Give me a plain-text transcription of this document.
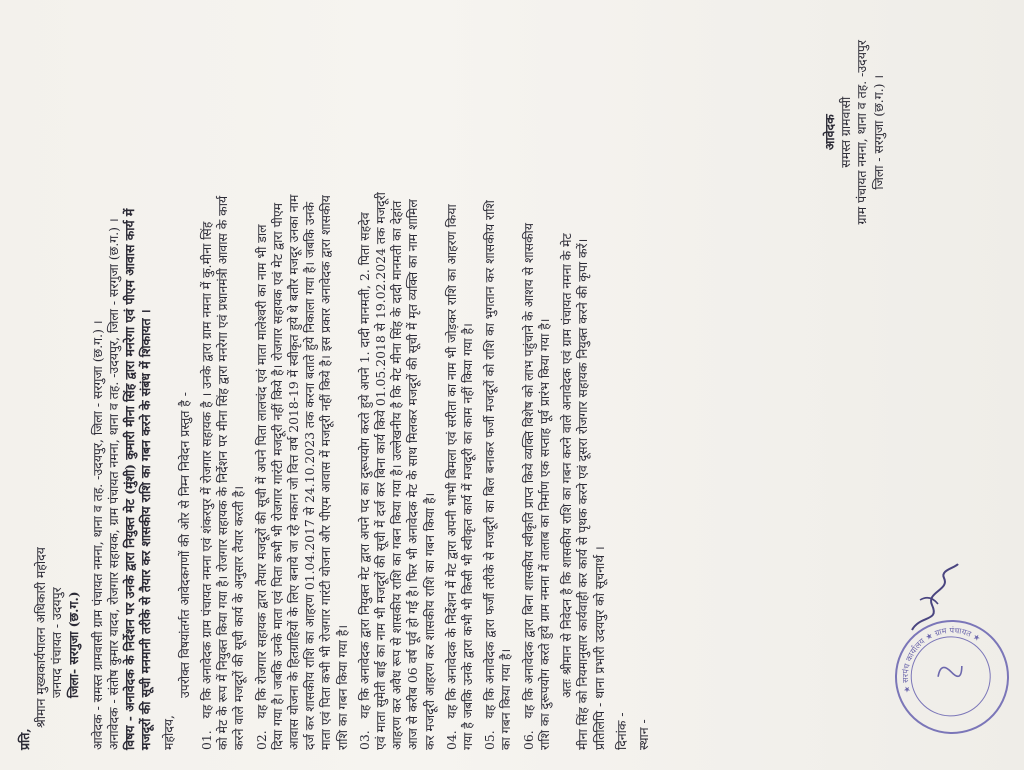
प्रति,
श्रीमान मुख्यकार्यपालन अधिकारी महोदय जनपद पंचायत - उदयपुर जिला- सरगुजा (छ.ग.) आवेदक - समस्त ग्रामवासी ग्राम पंचायत नमना, थाना व तह. -उदयपुर, जिला - सरगुजा (छ.ग.) । अनावेदक - संतोष कुमार यादव, रोजगार सहायक, ग्राम पंचायत नमना, थाना व तह. -उदयपुर, जिला - सरगुजा (छ.ग.) । विषय - अनावेदक के निर्देशन पर उनके द्वारा नियुक्त मेट (मुंशी) कुमारी मीना सिंह द्वारा मनरेगा एवं पीएम आवास कार्य में मजदूरों की सूची मनमानी तरीके से तैयार कर शासकीय राशि का गबन करने के संबंध में शिकायत । महोदय,
उपरोक्त विषयांतर्गत आवेदकगणों की ओर से निम्न निवेदन प्रस्तुत है -
01.   यह कि अनावेदक ग्राम पंचायत नमना एवं शंकरपुर में रोजगार सहायक है । उनके द्वारा ग्राम नमना में कु.मीना सिंह को मेट के रूप में नियुक्त किया गया है। रोजगार सहायक के निर्देशन पर मीना सिंह द्वारा मनरेगा एवं प्रधानमंत्री आवास के कार्य करने वाले मजदूरों की सूची कार्य के अनुसार तैयार करती है। 02.   यह कि रोजगार सहायक द्वारा तैयार मजदूरों की सूची में अपने पिता लालचंद एवं माता मालेश्वरी का नाम भी डाल दिया गया है। जबकि उनके माता एवं पिता कभी भी रोजगार गारंटी मजदूरी नहीं किये है। रोजगार सहायक एवं मेट द्वारा पीएम आवास योजना के हितग्राहियों के लिए बनाये जा रहे मकान जो वित्त वर्ष 2018-19 में स्वीकृत हुये थे बतौर मजदूर उनका नाम दर्ज कर शासकीय राशि का आहरण 01.04.2017 से 24.10.2023 तक करना बताते हुये निकाला गया है। जबकि उनके माता एवं पिता कभी भी रोजगार गारंटी योजना और पीएम आवास में मजदूरी नहीं किये है। इस प्रकार अनावेदक द्वारा शासकीय राशि का गबन किया गया है। 03.   यह कि अनावेदक द्वारा नियुक्त मेट द्वारा अपने पद का दुरूपयोग करते हुये अपने 1. दादी मानमती, 2. पिता सहदेव एवं माता सुमेती बाई का नाम भी मजदूरों की सूची में दर्ज कर बिना कार्य किये 01.05.2018 से 19.02.2024 तक मजदूरी आहरण कर अवैध रूप से शासकीय राशि का गबन किया गया है। उल्लेखनीय है कि मेट मीना सिंह के दादी मानमती का देहांत आज से करीब 06 वर्ष पूर्व हो गई है। फिर भी अनावेदक मेट के साथ मिलकर मजदूरों की सूची में मृत व्यक्ति का नाम शामिल कर मजदूरी आहरण कर शासकीय राशि का गबन किया है। 04.   यह कि अनावेदक के निर्देशन में मेट द्वारा अपनी भाभी बिमला एवं सरीता का नाम भी जोड़कर राशि का आहरण किया गया है जबकि उनके द्वारा कभी भी किसी भी स्वीकृत कार्य में मजदूरी का काम नहीं किया गया है। 05.   यह कि अनावेदक द्वारा फर्जी तरीके से मजदूरी का बिल बनाकर फर्जी मजदूरों को राशि का भुगतान कर शासकीय राशि का गबन किया गया है। 06.   यह कि अनावेदक द्वारा बिना शासकीय स्वीकृति प्राप्त किये व्यक्ति विशेष को लाभ पहुंचाने के आशय से शासकीय राशि का दुरूपयोग करते हुये ग्राम नमना में तालाब का निर्माण एक सप्ताह पूर्व प्रारंभ किया गया है। अतः श्रीमान से निवेदन है कि शासकीय राशि का गबन करने वाले अनावेदक एवं ग्राम पंचायत नमना के मेट मीना सिंह को नियमानुसार कार्यवाही कर कार्य से पृथक करने एवं दूसरा रोजगार सहायक नियुक्त करने की कृपा करें। प्रतिलिपि - थाना प्रभारी उदयपुर को सूचनार्थ । दिनांक - स्थान -
आवेदक समस्त ग्रामवासी ग्राम पंचायत नमना, थाना व तह. -उदयपुर जिला - सरगुजा (छ.ग.) ।
★ सरपंच कार्यालय ★ ग्राम पंचायत ★
